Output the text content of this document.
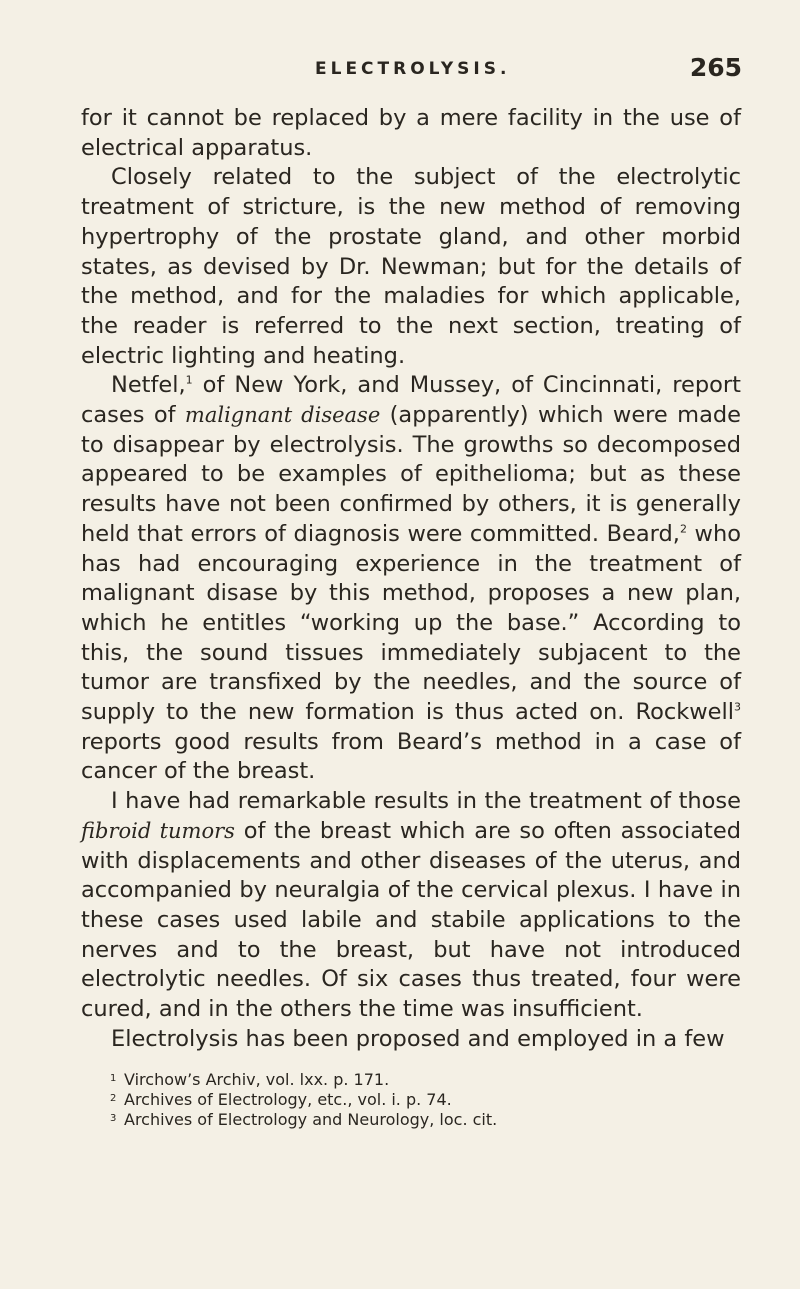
ELECTROLYSIS.	265

for it cannot be replaced by a mere facility in the use of electrical apparatus.

Closely related to the subject of the electrolytic treatment of stricture, is the new method of removing hypertrophy of the prostate gland, and other morbid states, as devised by Dr. Newman; but for the details of the method, and for the maladies for which applicable, the reader is referred to the next section, treating of electric lighting and heating.

Netfel,$^1$ of New York, and Mussey, of Cincinnati, report cases of malignant disease (apparently) which were made to disappear by electrolysis. The growths so decomposed appeared to be examples of epithelioma; but as these results have not been confirmed by others, it is generally held that errors of diagnosis were committed. Beard,$^2$ who has had encouraging experience in the treatment of malignant disase by this method, proposes a new plan, which he entitles “working up the base.” According to this, the sound tissues immediately subjacent to the tumor are transfixed by the needles, and the source of supply to the new formation is thus acted on. Rockwell$^3$ reports good results from Beard’s method in a case of cancer of the breast.

I have had remarkable results in the treatment of those fibroid tumors of the breast which are so often associated with displacements and other diseases of the uterus, and accompanied by neuralgia of the cervical plexus. I have in these cases used labile and stabile applications to the nerves and to the breast, but have not introduced electrolytic needles. Of six cases thus treated, four were cured, and in the others the time was insufficient.

Electrolysis has been proposed and employed in a few

1 Virchow’s Archiv, vol. lxx. p. 171.
2 Archives of Electrology, etc., vol. i. p. 74.
3 Archives of Electrology and Neurology, loc. cit.
